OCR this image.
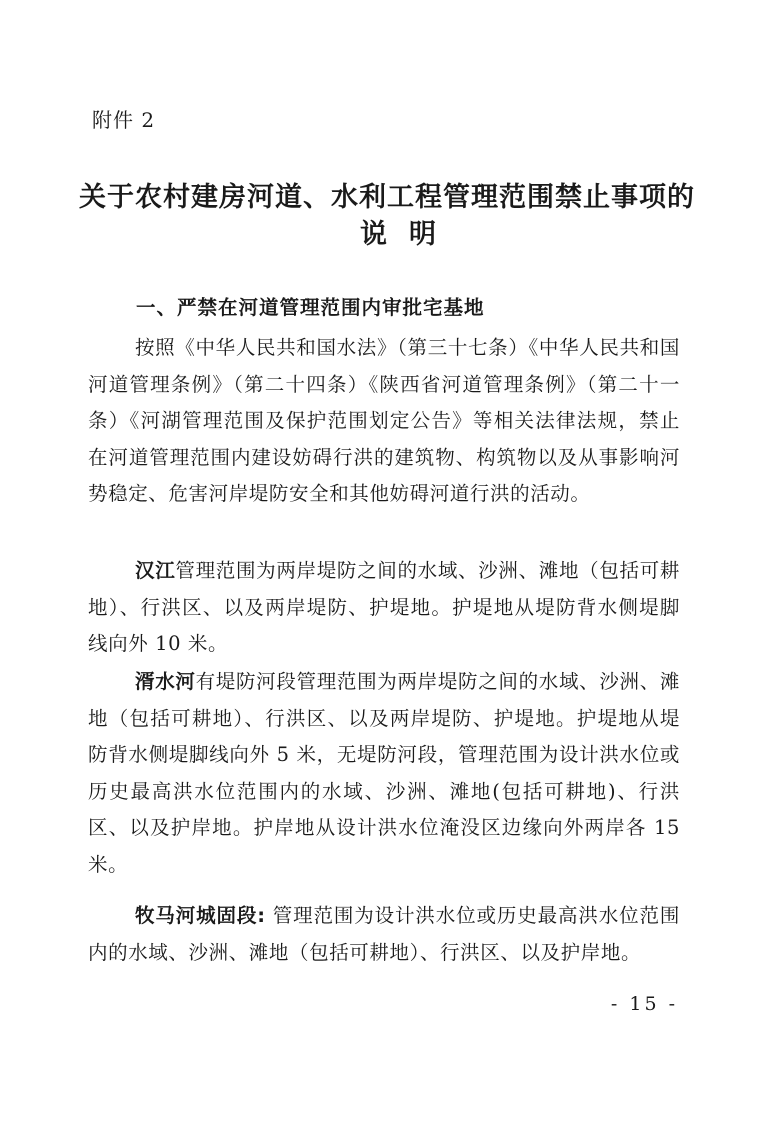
附件 2
关于农村建房河道、水利工程管理范围禁止事项的
说明
一、严禁在河道管理范围内审批宅基地

按照《中华人民共和国水法》（第三十七条）《中华人民共和国河道管理条例》（第二十四条）《陕西省河道管理条例》（第二十一条）《河湖管理范围及保护范围划定公告》等相关法律法规，禁止在河道管理范围内建设妨碍行洪的建筑物、构筑物以及从事影响河势稳定、危害河岸堤防安全和其他妨碍河道行洪的活动。

汉江管理范围为两岸堤防之间的水域、沙洲、滩地（包括可耕地）、行洪区、以及两岸堤防、护堤地。护堤地从堤防背水侧堤脚线向外 10 米。

湑水河有堤防河段管理范围为两岸堤防之间的水域、沙洲、滩地（包括可耕地）、行洪区、以及两岸堤防、护堤地。护堤地从堤防背水侧堤脚线向外 5 米，无堤防河段，管理范围为设计洪水位或历史最高洪水位范围内的水域、沙洲、滩地(包括可耕地)、行洪区、以及护岸地。护岸地从设计洪水位淹没区边缘向外两岸各 15 米。

牧马河城固段: 管理范围为设计洪水位或历史最高洪水位范围内的水域、沙洲、滩地（包括可耕地）、行洪区、以及护岸地。

- 15 -
